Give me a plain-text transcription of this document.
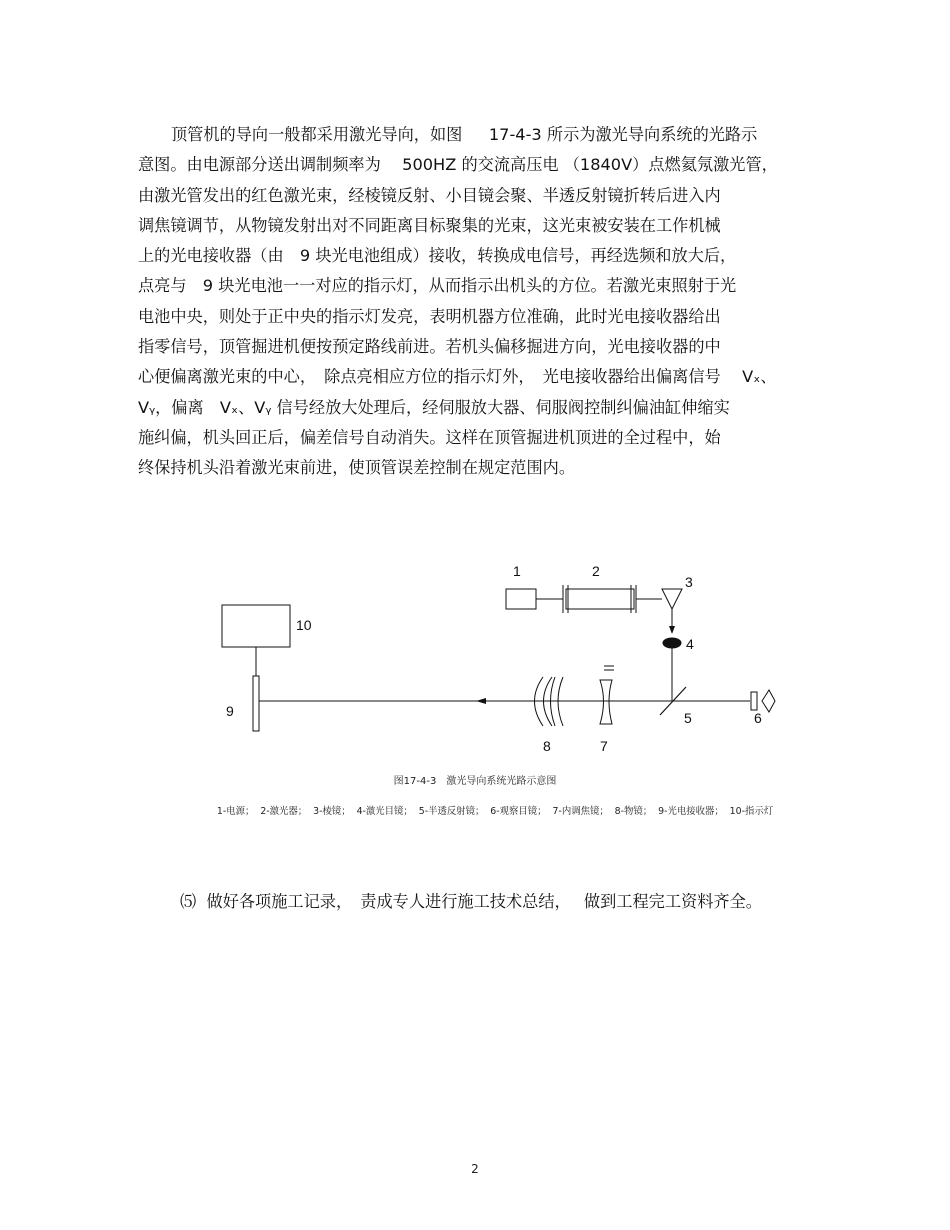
顶管机的导向一般都采用激光导向，如图　  17-4-3 所示为激光导向系统的光路示
意图。由电源部分送出调制频率为　 500HZ 的交流高压电 （1840V）点燃氦氖激光管，
由激光管发出的红色激光束，经棱镜反射、小目镜会聚、半透反射镜折转后进入内
调焦镜调节，从物镜发射出对不同距离目标聚集的光束，这光束被安装在工作机械
上的光电接收器（由　9 块光电池组成）接收，转换成电信号，再经选频和放大后，
点亮与　9 块光电池一一对应的指示灯，从而指示出机头的方位。若激光束照射于光
电池中央，则处于正中央的指示灯发亮，表明机器方位准确，此时光电接收器给出
指零信号，顶管掘进机便按预定路线前进。若机头偏移掘进方向，光电接收器的中
心便偏离激光束的中心，　除点亮相应方位的指示灯外，　光电接收器给出偏离信号　 Vₓ、
Vᵧ，偏离　Vₓ、Vᵧ 信号经放大处理后，经伺服放大器、伺服阀控制纠偏油缸伸缩实
施纠偏，机头回正后，偏差信号自动消失。这样在顶管掘进机顶进的全过程中，始
终保持机头沿着激光束前进，使顶管误差控制在规定范围内。
1	2
3
4
5	6
7
8
9
10
图17-4-3　激光导向系统光路示意图
1-电源；  2-激光器；  3-棱镜；  4-激光目镜；  5-半透反射镜；  6-观察目镜；  7-内调焦镜；  8-物镜；  9-光电接收器；  10-指示灯
⑸  做好各项施工记录，　责成专人进行施工技术总结，　 做到工程完工资料齐全。
2
